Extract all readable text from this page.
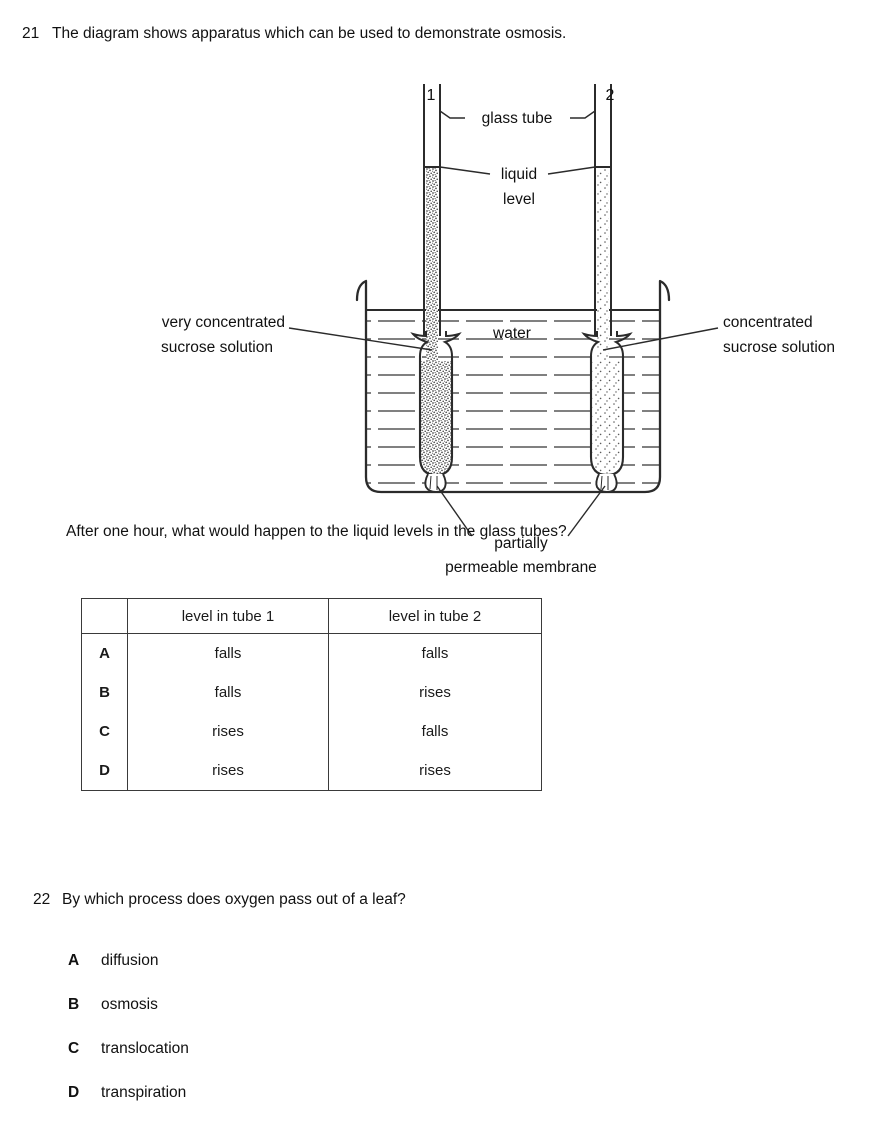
21 The diagram shows apparatus which can be used to demonstrate osmosis.
1	2
glass tube
liquid
level
water
very concentrated
sucrose solution
concentrated
sucrose solution
partially
permeable membrane
After one hour, what would happen to the liquid levels in the glass tubes?
	level in tube 1	level in tube 2
A	falls	falls
B	falls	rises
C	rises	falls
D	rises	rises
22 By which process does oxygen pass out of a leaf?
A	diffusion
B	osmosis
C	translocation
D	transpiration
